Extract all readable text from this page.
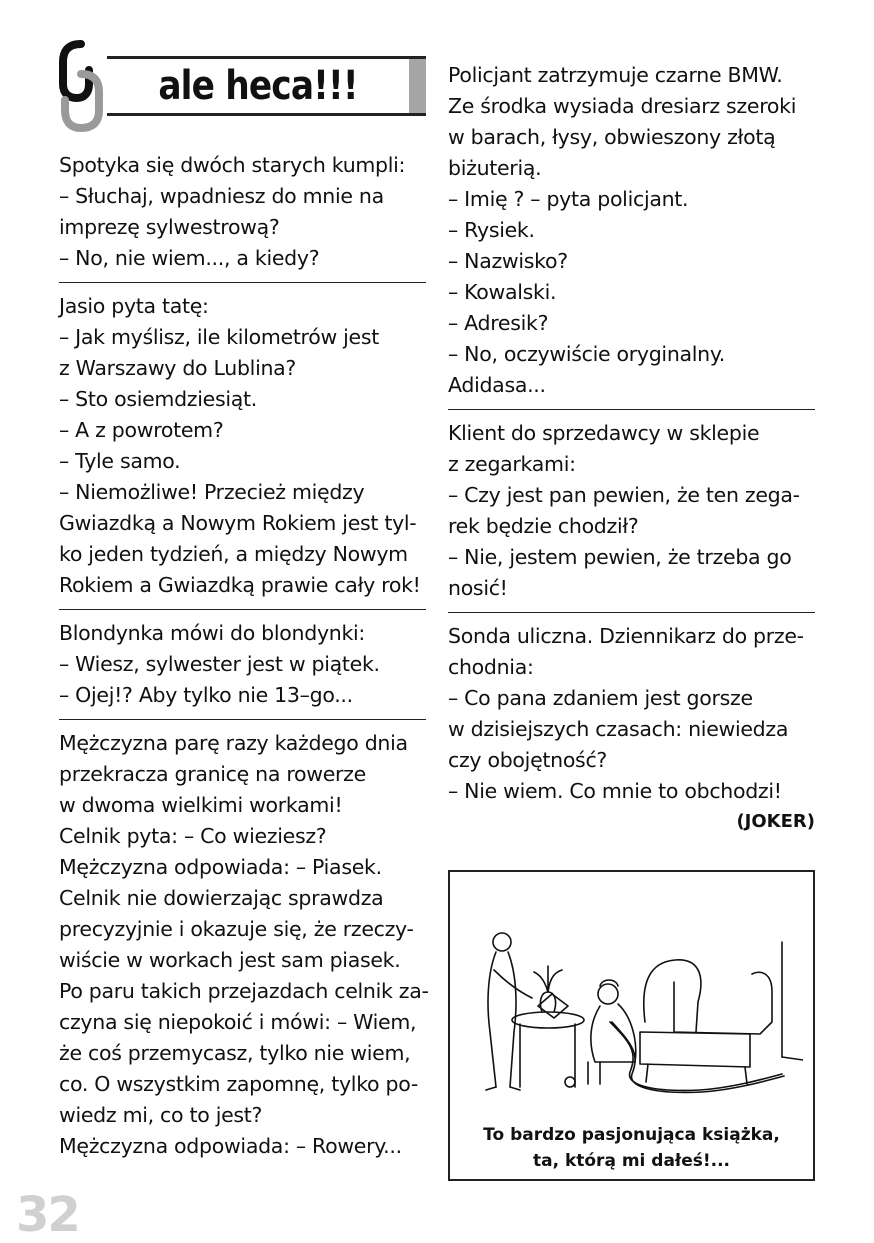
ale heca!!!
Spotyka się dwóch starych kumpli:
– Słuchaj, wpadniesz do mnie na
imprezę sylwestrową?
– No, nie wiem..., a kiedy?
Jasio pyta tatę:
– Jak myślisz, ile kilometrów jest
z Warszawy do Lublina?
– Sto osiemdziesiąt.
– A z powrotem?
– Tyle samo.
– Niemożliwe! Przecież między
Gwiazdką a Nowym Rokiem jest tyl-
ko jeden tydzień, a między Nowym
Rokiem a Gwiazdką prawie cały rok!
Blondynka mówi do blondynki:
– Wiesz, sylwester jest w piątek.
– Ojej!? Aby tylko nie 13–go...
Mężczyzna parę razy każdego dnia
przekracza granicę na rowerze
w dwoma wielkimi workami!
Celnik pyta: – Co wieziesz?
Mężczyzna odpowiada: – Piasek.
Celnik nie dowierzając sprawdza
precyzyjnie i okazuje się, że rzeczy-
wiście w workach jest sam piasek.
Po paru takich przejazdach celnik za-
czyna się niepokoić i mówi: – Wiem,
że coś przemycasz, tylko nie wiem,
co. O wszystkim zapomnę, tylko po-
wiedz mi, co to jest?
Mężczyzna odpowiada: – Rowery...
Policjant zatrzymuje czarne BMW.
Ze środka wysiada dresiarz szeroki
w barach, łysy, obwieszony złotą
biżuterią.
– Imię ? – pyta policjant.
– Rysiek.
– Nazwisko?
– Kowalski.
– Adresik?
– No, oczywiście oryginalny.
Adidasa...
Klient do sprzedawcy w sklepie
z zegarkami:
– Czy jest pan pewien, że ten zega-
rek będzie chodził?
– Nie, jestem pewien, że trzeba go
nosić!
Sonda uliczna. Dziennikarz do prze-
chodnia:
– Co pana zdaniem jest gorsze
w dzisiejszych czasach: niewiedza
czy obojętność?
– Nie wiem. Co mnie to obchodzi!
(JOKER)
To bardzo pasjonująca książka,
ta, którą mi dałeś!...
32
